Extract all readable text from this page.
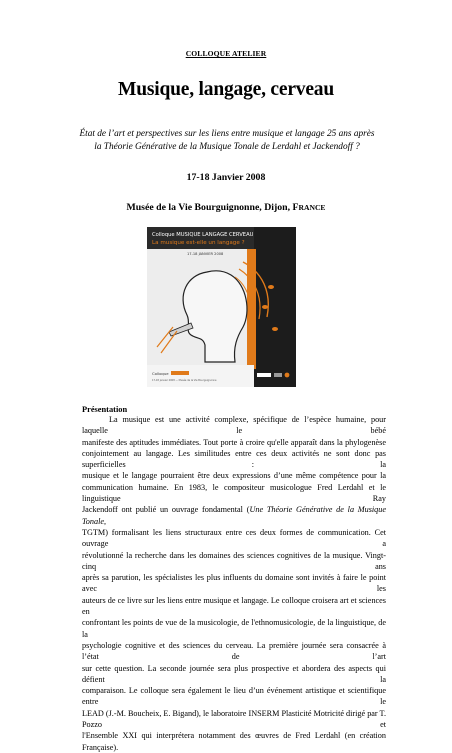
COLLOQUE ATELIER
Musique, langage, cerveau
État de l’art et perspectives sur les liens entre musique et langage 25 ans après
la Théorie Générative de la Musique Tonale de Lerdahl et Jackendoff ?
17-18 Janvier 2008
Musée de la Vie Bourguignonne, Dijon, FRANCE
Colloque MUSIQUE LANGAGE CERVEAU
La musique est-elle un langage ?
17-18 JANVIER 2008
Colloque
17-18 janvier 2008 — Musée de la Vie Bourguignonne
Présentation
La musique est une activité complexe, spécifique de l’espèce humaine, pour laquelle le bébé
manifeste des aptitudes immédiates. Tout porte à croire qu'elle apparaît dans la phylogenèse
conjointement au langage. Les similitudes entre ces deux activités ne sont donc pas superficielles : la
musique et le langage pourraient être deux expressions d’une même compétence pour la
communication humaine. En 1983, le compositeur musicologue Fred Lerdahl et le linguistique Ray
Jackendoff ont publié un ouvrage fondamental (Une Théorie Générative de la Musique Tonale,
TGTM) formalisant les liens structuraux entre ces deux formes de communication. Cet ouvrage a
révolutionné la recherche dans les domaines des sciences cognitives de la musique. Vingt-cinq ans
après sa parution, les spécialistes les plus influents du domaine sont invités à faire le point avec les
auteurs de ce livre sur les liens entre musique et langage. Le colloque croisera art et sciences en
confrontant les points de vue de la musicologie, de l'ethnomusicologie, de la linguistique, de la
psychologie cognitive et des sciences du cerveau. La première journée sera consacrée à l’état de l’art
sur cette question. La seconde journée sera plus prospective et abordera des aspects qui défient la
comparaison. Le colloque sera également le lieu d’un événement artistique et scientifique entre le
LEAD (J.-M. Boucheix, E. Bigand), le laboratoire INSERM Plasticité Motricité dirigé par T. Pozzo et
l'Ensemble XXI qui interprétera notamment des œuvres de Fred Lerdahl (en création Française).
